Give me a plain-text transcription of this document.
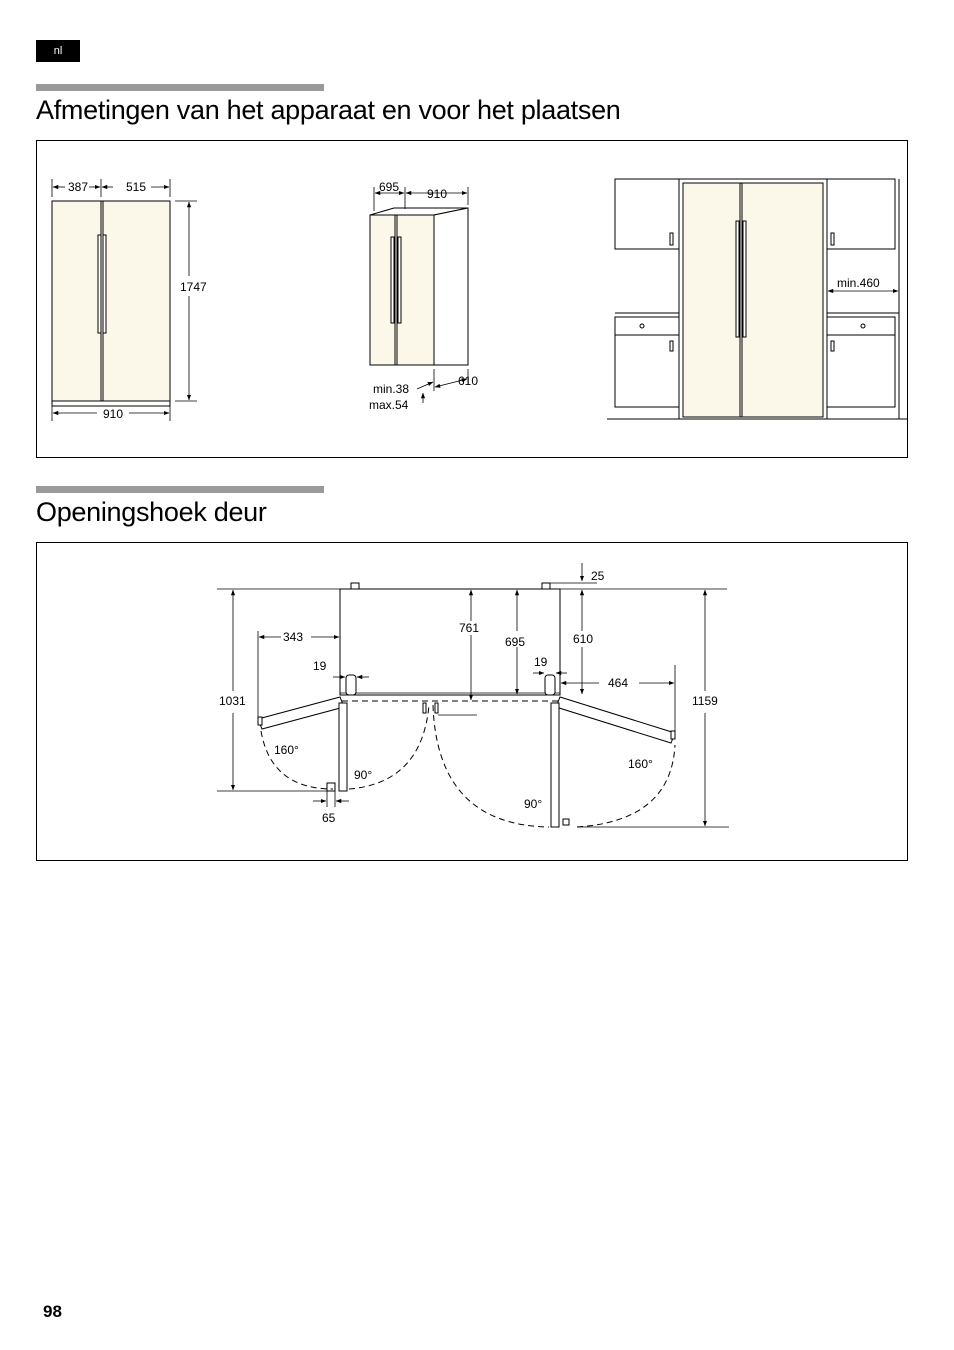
nl
Afmetingen van het apparaat en voor het plaatsen
387	515
1747
910
695 910
610
min.38
max.54
min.460
Openingshoek deur
1031	1159
761
695	610
25
343
19	19
464
65
160°
90°
160°
90°
98
